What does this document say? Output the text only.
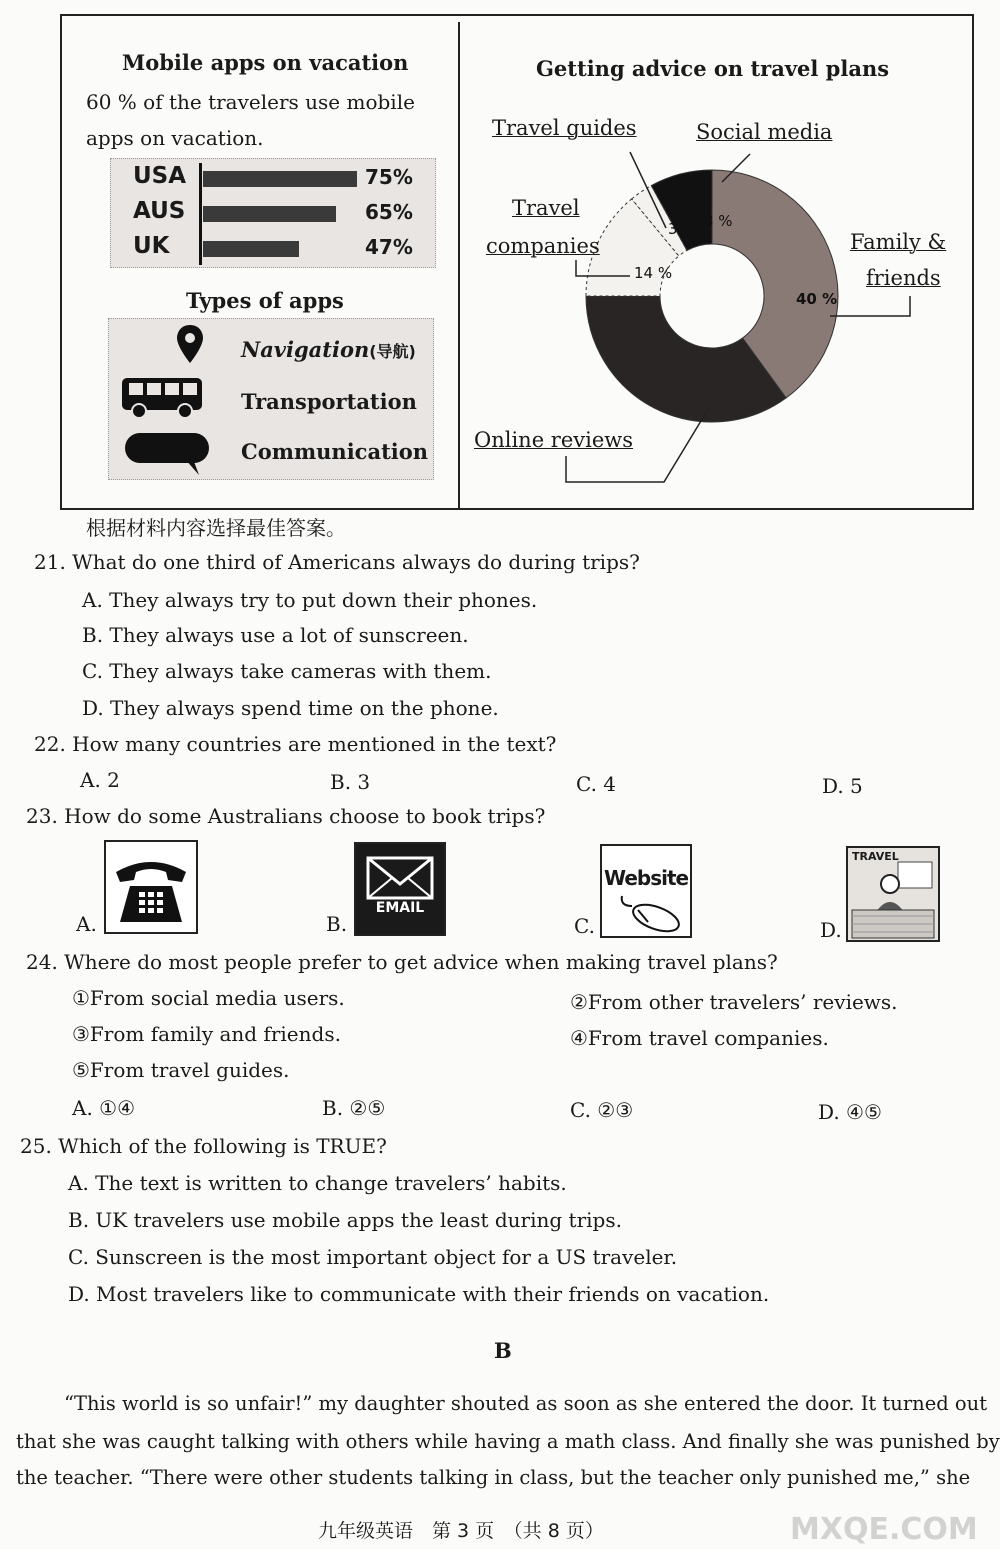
Mobile apps on vacation
60 % of the travelers use mobile
apps on vacation.
USA	75%
AUS	65%
UK	47%
Types of apps
Navigation(导航)
Transportation
Communication
Getting advice on travel plans
40 %
14 %
3 8 %
Travel guides	Social media
Travel
companies	Family &
friends
Online reviews
根据材料内容选择最佳答案。
21. What do one third of Americans always do during trips?
A. They always try to put down their phones.
B. They always use a lot of sunscreen.
C. They always take cameras with them.
D. They always spend time on the phone.
22. How many countries are mentioned in the text?
A. 2	B. 3	C. 4	D. 5
23. How do some Australians choose to book trips?
A.	B.
EMAIL
C.
Website
D.
TRAVEL
24. Where do most people prefer to get advice when making travel plans?
①From social media users.	②From other travelers’ reviews.
③From family and friends.	④From travel companies.
⑤From travel guides.
A. ①④	B. ②⑤	C. ②③	D. ④⑤
25. Which of the following is TRUE?
A. The text is written to change travelers’ habits.
B. UK travelers use mobile apps the least during trips.
C. Sunscreen is the most important object for a US traveler.
D. Most travelers like to communicate with their friends on vacation.
B
“This world is so unfair!” my daughter shouted as soon as she entered the door. It turned out
that she was caught talking with others while having a math class. And finally she was punished by
the teacher. “There were other students talking in class, but the teacher only punished me,” she
九年级英语　第 3 页　（共 8 页）	MXQE.COM
